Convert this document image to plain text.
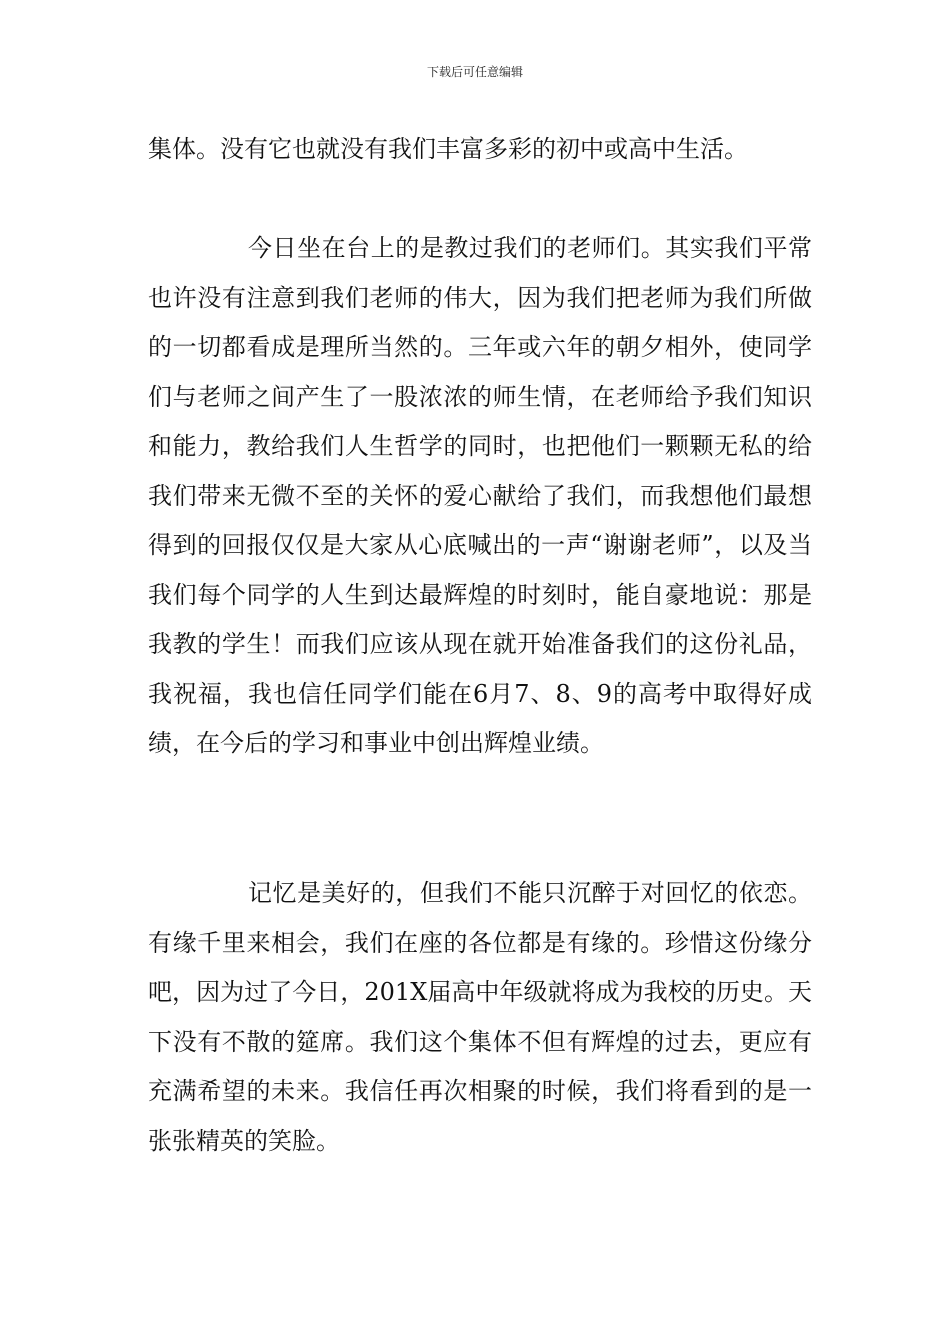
下载后可任意编辑

集体。没有它也就没有我们丰富多彩的初中或高中生活。

今日坐在台上的是教过我们的老师们。其实我们平常也许没有注意到我们老师的伟大，因为我们把老师为我们所做的一切都看成是理所当然的。三年或六年的朝夕相外，使同学们与老师之间产生了一股浓浓的师生情，在老师给予我们知识和能力，教给我们人生哲学的同时，也把他们一颗颗无私的给我们带来无微不至的关怀的爱心献给了我们，而我想他们最想得到的回报仅仅是大家从心底喊出的一声“谢谢老师”，以及当我们每个同学的人生到达最辉煌的时刻时，能自豪地说：那是我教的学生！而我们应该从现在就开始准备我们的这份礼品，我祝福，我也信任同学们能在6月7、8、9的高考中取得好成绩，在今后的学习和事业中创出辉煌业绩。

记忆是美好的，但我们不能只沉醉于对回忆的依恋。有缘千里来相会，我们在座的各位都是有缘的。珍惜这份缘分吧，因为过了今日，201X届高中年级就将成为我校的历史。天下没有不散的筵席。我们这个集体不但有辉煌的过去，更应有充满希望的未来。我信任再次相聚的时候，我们将看到的是一张张精英的笑脸。
